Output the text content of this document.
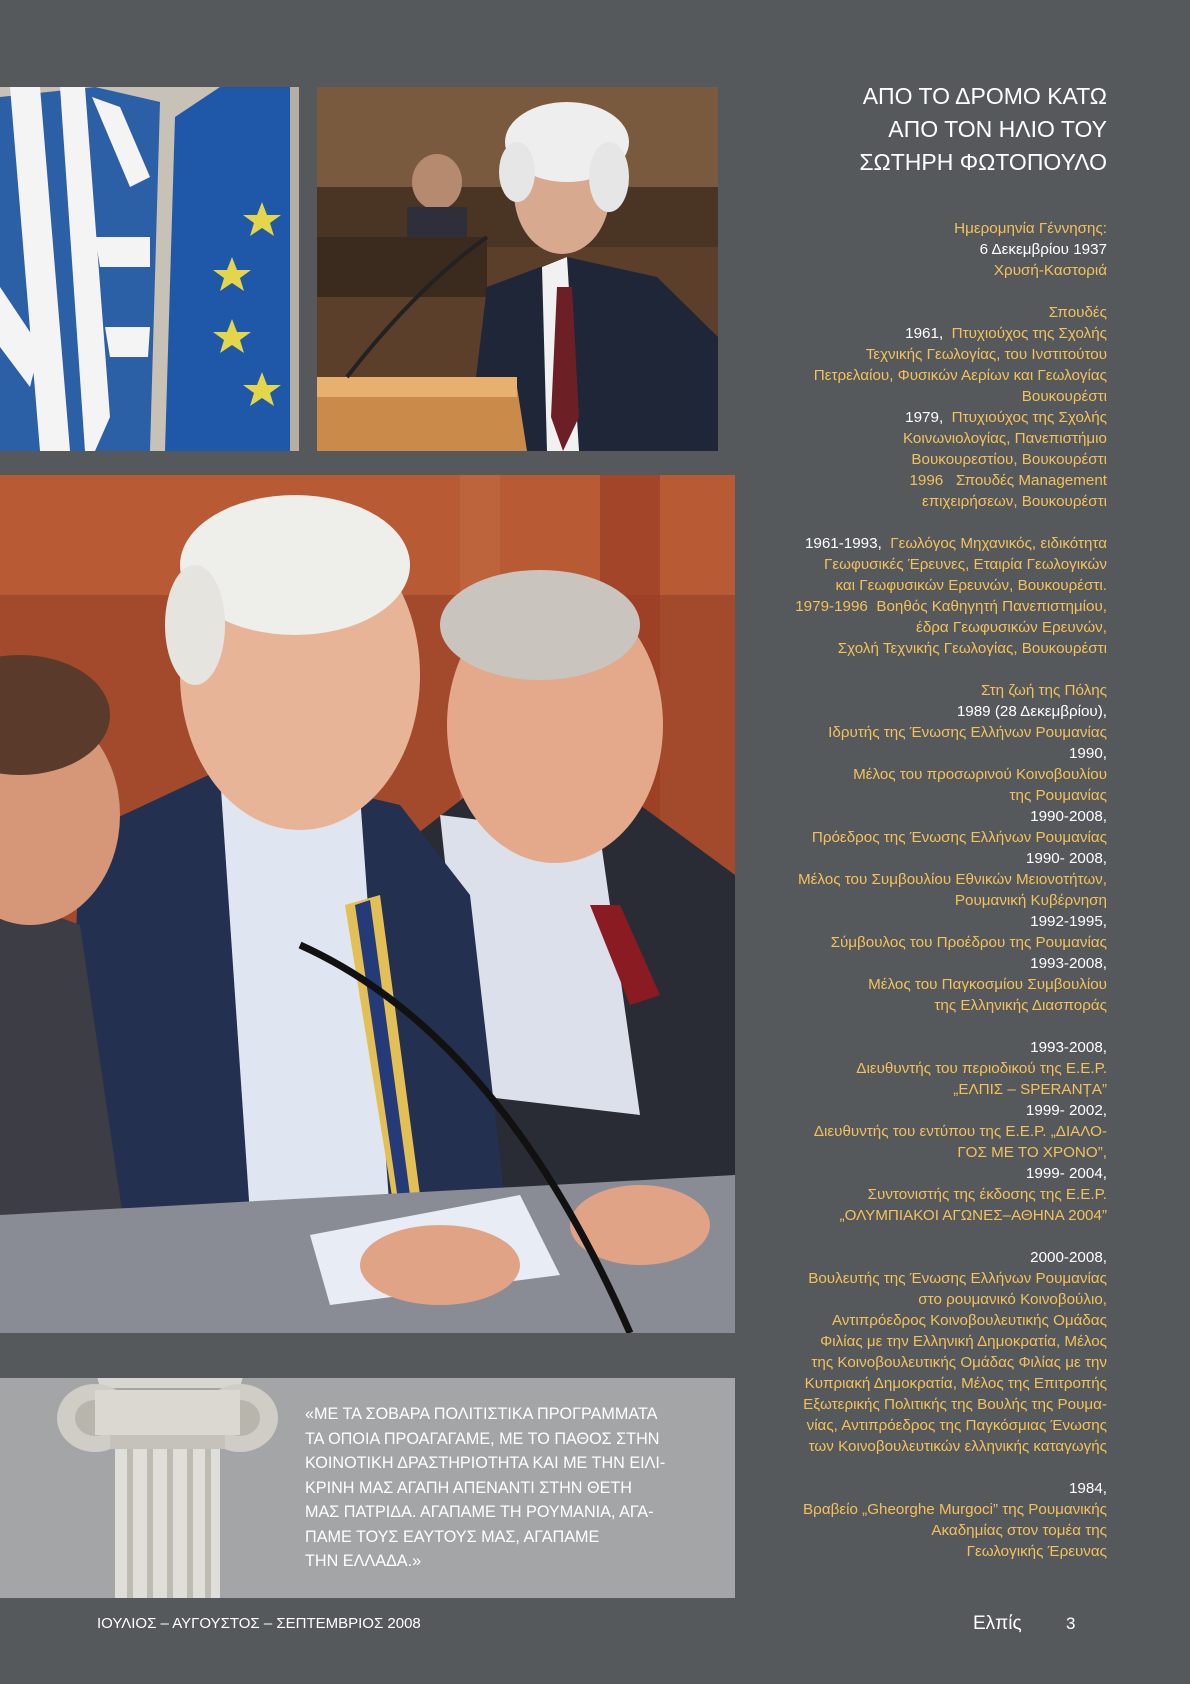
«ΜΕ ΤΑ ΣΟΒΑΡΑ ΠΟΛΙΤΙΣΤΙΚΑ ΠΡΟΓΡΑΜΜΑΤΑ
ΤΑ ΟΠΟΙΑ ΠΡΟΑΓΑΓΑΜΕ, ΜΕ ΤΟ ΠΑΘΟΣ ΣΤΗΝ
ΚΟΙΝΟΤΙΚΗ ΔΡΑΣΤΗΡΙΟΤΗΤΑ ΚΑΙ ΜΕ ΤΗΝ ΕΙΛΙ-
ΚΡΙΝΗ ΜΑΣ ΑΓΑΠΗ ΑΠΕΝΑΝΤΙ ΣΤΗΝ ΘΕΤΗ
ΜΑΣ ΠΑΤΡΙΔΑ. ΑΓΑΠΑΜΕ ΤΗ ΡΟΥΜΑΝΙΑ, ΑΓΑ-
ΠΑΜΕ ΤΟΥΣ ΕΑΥΤΟΥΣ ΜΑΣ, ΑΓΑΠΑΜΕ
ΤΗΝ ΕΛΛΑΔΑ.»
ΑΠΟ ΤΟ ΔΡΟΜΟ ΚΑΤΩ
ΑΠΟ ΤΟΝ ΗΛΙΟ ΤΟΥ
ΣΩΤΗΡΗ ΦΩΤΟΠΟΥΛΟ

Ημερομηνία Γέννησης:

6 Δεκεμβρίου 1937

Χρυσή-Καστοριά

Σπουδές

1961, Πτυχιούχος της Σχολής

Τεχνικής Γεωλογίας, του Ινστιτούτου

Πετρελαίου, Φυσικών Αερίων και Γεωλογίας

Βουκουρέστι

1979, Πτυχιούχος της Σχολής

Κοινωνιολογίας, Πανεπιστήμιο

Βουκουρεστίου, Βουκουρέστι

1996 Σπουδές Management

επιχειρήσεων, Βουκουρέστι

1961-1993, Γεωλόγος Μηχανικός, ειδικότητα

Γεωφυσικές Έρευνες, Εταιρία Γεωλογικών

και Γεωφυσικών Ερευνών, Βουκουρέστι.

1979-1996 Βοηθός Καθηγητή Πανεπιστημίου,

έδρα Γεωφυσικών Ερευνών,

Σχολή Τεχνικής Γεωλογίας, Βουκουρέστι

Στη ζωή της Πόλης

1989 (28 Δεκεμβρίου),

Ιδρυτής της Ένωσης Ελλήνων Ρουμανίας

1990,

Μέλος του προσωρινού Κοινοβουλίου

της Ρουμανίας

1990-2008,

Πρόεδρος της Ένωσης Ελλήνων Ρουμανίας

1990- 2008,

Μέλος του Συμβουλίου Εθνικών Μειονοτήτων,

Ρουμανική Κυβέρνηση

1992-1995,

Σύμβουλος του Προέδρου της Ρουμανίας

1993-2008,

Μέλος του Παγκοσμίου Συμβουλίου

της Ελληνικής Διασποράς

1993-2008,

Διευθυντής του περιοδικού της Ε.Ε.Ρ.

„ΕΛΠΙΣ – SPERANȚA”

1999- 2002,

Διευθυντής του εντύπου της Ε.Ε.Ρ. „ΔΙΑΛΟ-

ΓΟΣ ΜΕ ΤΟ ΧΡΟΝΟ”,

1999- 2004,

Συντονιστής της έκδοσης της Ε.Ε.Ρ.

„ΟΛΥΜΠΙΑΚΟΙ ΑΓΩΝΕΣ–ΑΘΗΝΑ 2004”

2000-2008,

Βουλευτής της Ένωσης Ελλήνων Ρουμανίας

στο ρουμανικό Κοινοβούλιο,

Αντιπρόεδρος Κοινοβουλευτικής Ομάδας

Φιλίας με την Ελληνική Δημοκρατία, Μέλος

της Κοινοβουλευτικής Ομάδας Φιλίας με την

Κυπριακή Δημοκρατία, Μέλος της Επιτροπής

Εξωτερικής Πολιτικής της Βουλής της Ρουμα-

νίας, Αντιπρόεδρος της Παγκόσμιας Ένωσης

των Κοινοβουλευτικών ελληνικής καταγωγής

1984,

Βραβείο „Gheorghe Murgoci” της Ρουμανικής

Ακαδημίας στον τομέα της

Γεωλογικής Έρευνας

ΙΟΥΛΙΟΣ – ΑΥΓΟΥΣΤΟΣ – ΣΕΠΤΕΜΒΡΙΟΣ 2008	Ελπίς	3
